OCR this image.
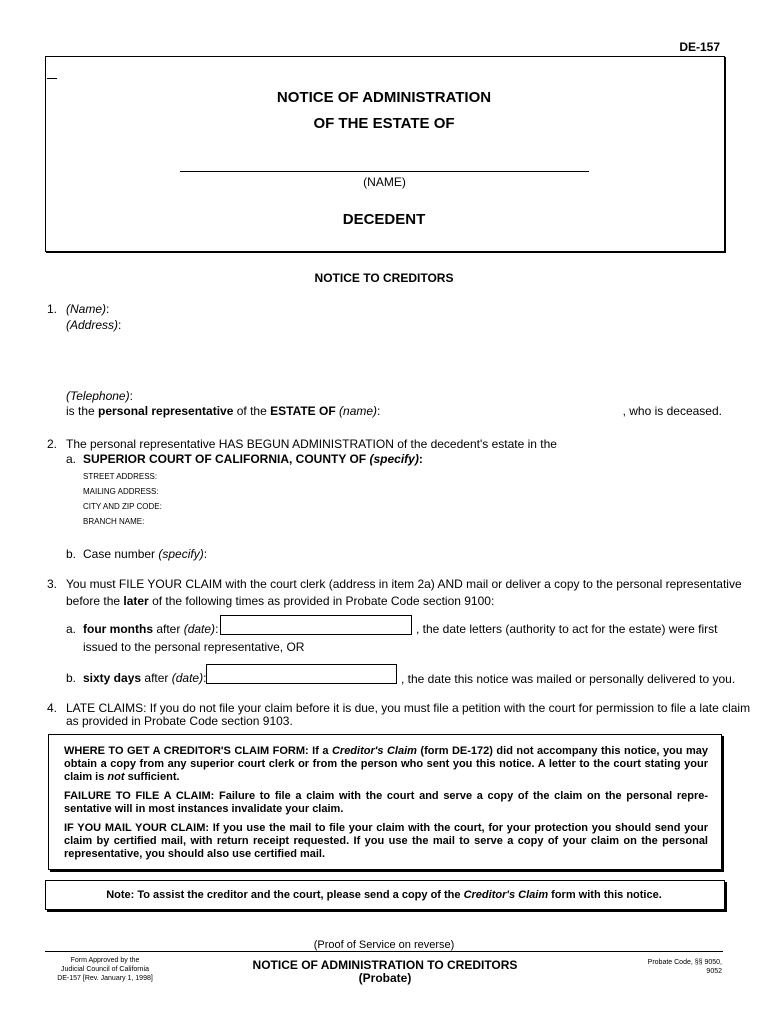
DE-157
NOTICE OF ADMINISTRATION
OF THE ESTATE OF
(NAME)
DECEDENT
NOTICE TO CREDITORS
1. (Name):
(Address):
(Telephone):
is the personal representative of the ESTATE OF (name):	, who is deceased.
2. The personal representative HAS BEGUN ADMINISTRATION of the decedent's estate in the
a. SUPERIOR COURT OF CALIFORNIA, COUNTY OF (specify):
STREET ADDRESS:
MAILING ADDRESS:
CITY AND ZIP CODE:
BRANCH NAME:
b. Case number (specify):
3. You must FILE YOUR CLAIM with the court clerk (address in item 2a) AND mail or deliver a copy to the personal representative
before the later of the following times as provided in Probate Code section 9100:
a. four months after (date):	, the date letters (authority to act for the estate) were first
issued to the personal representative, OR
b. sixty days after (date):	, the date this notice was mailed or personally delivered to you.
4. LATE CLAIMS: If you do not file your claim before it is due, you must file a petition with the court for permission to file a late claim
as provided in Probate Code section 9103.
WHERE TO GET A CREDITOR'S CLAIM FORM: If a Creditor's Claim (form DE-172) did not accompany this notice, you may obtain a copy from any superior court clerk or from the person who sent you this notice. A letter to the court stating your claim is not sufficient.
FAILURE TO FILE A CLAIM: Failure to file a claim with the court and serve a copy of the claim on the personal repre-sentative will in most instances invalidate your claim.
IF YOU MAIL YOUR CLAIM: If you use the mail to file your claim with the court, for your protection you should send your claim by certified mail, with return receipt requested. If you use the mail to serve a copy of your claim on the personal representative, you should also use certified mail.
Note: To assist the creditor and the court, please send a copy of the Creditor's Claim form with this notice.
(Proof of Service on reverse)
Form Approved by the
Judicial Council of California
DE-157 [Rev. January 1, 1998]
NOTICE OF ADMINISTRATION TO CREDITORS
(Probate)
Probate Code, §§ 9050,
9052
